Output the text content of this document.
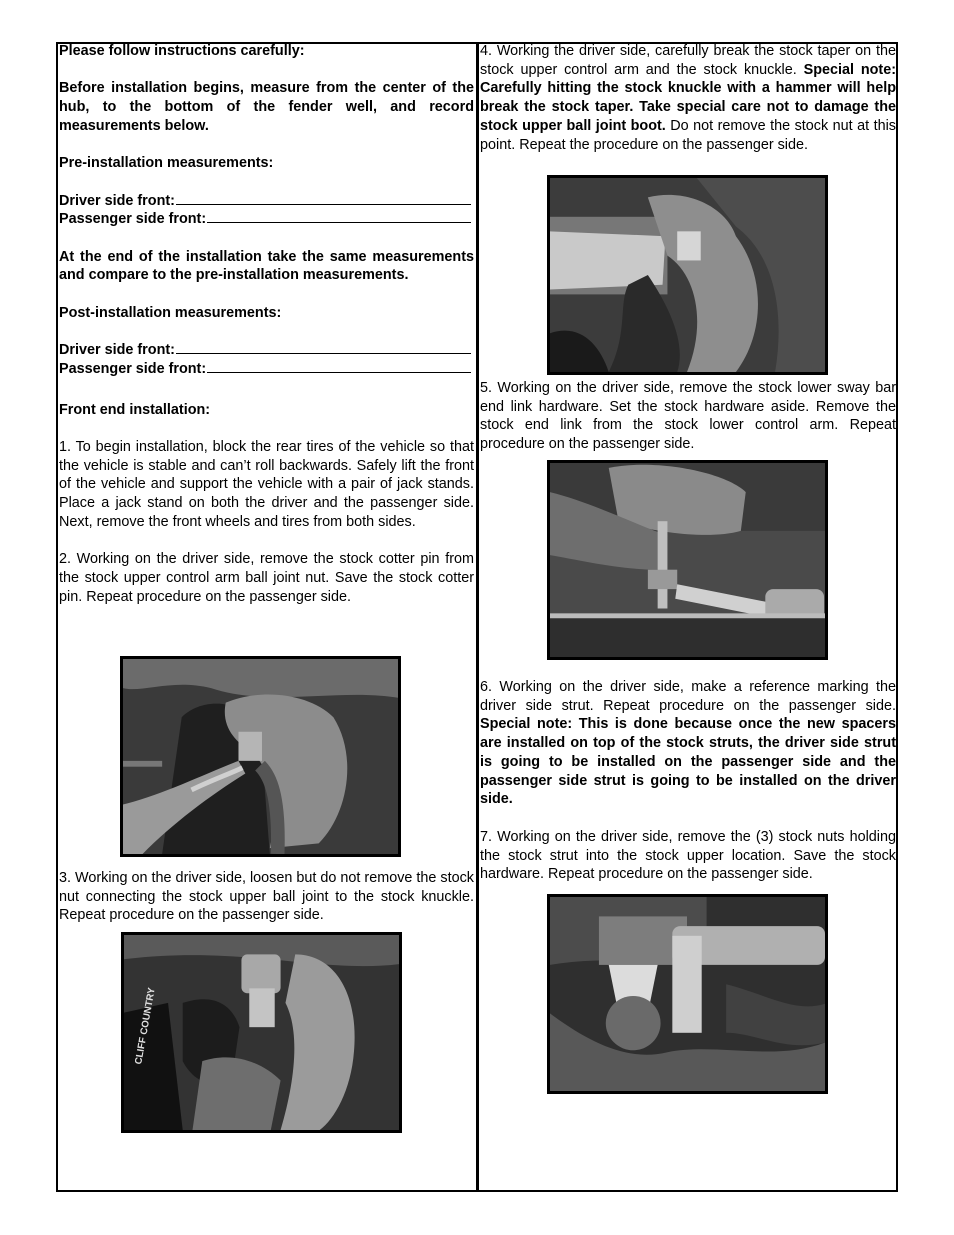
Please follow instructions carefully:

Before installation begins, measure from the center of the hub, to the bottom of the fender well, and record measurements below.

Pre-installation measurements:

Driver side front:
Passenger side front:

At the end of the installation take the same measurements and compare to the pre-installation measurements.

Post-installation measurements:

Driver side front:
Passenger side front:

Front end installation:

1. To begin installation, block the rear tires of the vehicle so that the vehicle is stable and can’t roll backwards. Safely lift the front of the vehicle and support the vehicle with a pair of jack stands. Place a jack stand on both the driver and the passenger side. Next, remove the front wheels and tires from both sides.

2. Working on the driver side, remove the stock cotter pin from the stock upper control arm ball joint nut. Save the stock cotter pin. Repeat procedure on the passenger side.

3. Working on the driver side, loosen but do not remove the stock nut connecting the stock upper ball joint to the stock knuckle. Repeat procedure on the passenger side.

4. Working the driver side, carefully break the stock taper on the stock upper control arm and the stock knuckle. Special note: Carefully hitting the stock knuckle with a hammer will help break the stock taper. Take special care not to damage the stock upper ball joint boot. Do not remove the stock nut at this point. Repeat the procedure on the passenger side.

5. Working on the driver side, remove the stock lower sway bar end link hardware. Set the stock hardware aside. Remove the stock end link from the stock lower control arm. Repeat procedure on the passenger side.

6. Working on the driver side, make a reference marking the driver side strut. Repeat procedure on the passenger side. Special note: This is done because once the new spacers are installed on top of the stock struts, the driver side strut is going to be installed on the passenger side and the passenger side strut is going to be installed on the driver side.

7. Working on the driver side, remove the (3) stock nuts holding the stock strut into the stock upper location. Save the stock hardware. Repeat procedure on the passenger side.

CLIFF COUNTRY
